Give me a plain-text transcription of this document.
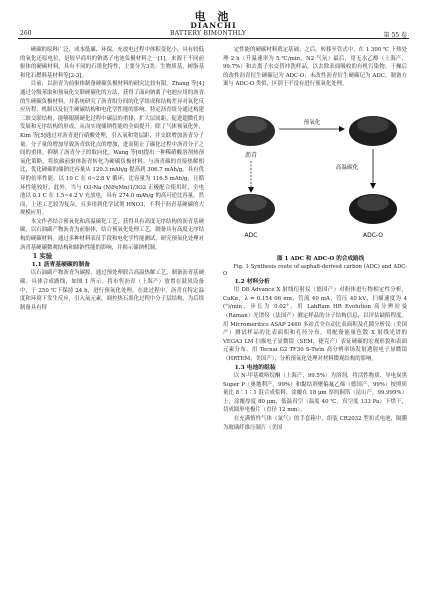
电 池
DIANCHI
260	BATTERY BIMONTHLY	第 55 卷

硬碳的原料广泛、成本低廉、环保，充放电过程中体积变化小，具有较低的氧化还原电位，是较早商用的钠离子电池负极材料之一[1]。来源于不同前驱体的硬碳材料，具有不同的石墨化特性，主要分为3类：生物质基、树脂基和化石燃料基材料等[2-3]。

目前，以沥青为前驱体制备硬碳负极材料的研究比较有限。Zhang 等[4]通过分级苯取和预氧化交联硬碳化的方法，获得了面向钠离子电池应用的沥青的生硬碳负极材料，并系统研究了沥青组分间的化学组成和结构差异对氧化反应历程、机制以及衍生硬碳结构和电化学性能的影响。特定沥青组分通过构建三维交联结构，能够限制硬化过程中碳层的重排，扩大层间距，促进超微孔的发展和无序结构的形成，从而实现储钠性能的全面提升。除了气体预氧化外，Kim 等[5]通过对沥青进行硝酸处理，引入氧和宽层距，并交联增加沥青分子量。分子量的增加导致沥青软化点的增加，进而阻止了碳化过程中沥青分子之间的重排，抑制了沥青分子的取向化。Wang 等[6]提出一种稀硝酸溶剂热预氧化策略，将软碳前驱体沥青转化为硬碳负极材料。与沥青碳的直接热解相比，优化硬碳的储钠比容量从 120.3 mAh/g 提高到 306.7 mAh/g，具有优异的倍率性能，以 10 C 在 0~2.8 V 循环，比容量为 116.5 mAh/g，且循环性能较好。此外，当与 O3-Na (NiFeMn)1/3O2 正极配合使用时，全电池以 0.1 C 在 1.5~4.2 V 充放电，具有 274.0 mAh/g 的高可逆比容量。然而，上述工艺较为复杂，且多用到化学试剂 HNO3，不利于沥青基硬碳的大规模应用。

本文作者结合预氧化和高温碳化工艺，获得具有高度无序结构的沥青基硬碳，以石油副产物沥青为前驱体，结合预氧化处理工艺，制备具有高度无序结构的硬碳材料。通过多种材料表征手段和电化学性能测试，研究预氧化处理对沥青基硬碳微观结构和储钠性能的影响，并揭示储钠机制。

1 实验

1.1 沥青基硬碳的制备

以石油副产物沥青为碳源，通过预处理联合高温热解工艺，制备沥青基硬碳。具体合成路线，如图 1 所示。将市售沥青（上海产）放置在鼓风设备中，于 250 ℃下保持 24 h，进行预氧化处理。在此过程中，沥青在特定温度和环境下发生反应，引入氧元素，调控热石墨化过程中分子层结构，为后续制备具有特

定性能的硬碳材料奠定基础；之后，转移至管式中，在 1 300 ℃ 下热处理 2 h（升温速率为 5 ℃/min，N2 气氛）最后，用无水乙醇（上海产，99.7%）和去离子水交替冲洗样品，以去除表面吸收的有机污染物。干燥后的改性沥青衍生硬碳记为 ADC-O；未改性沥青衍生硬碳记为 ADC，制备方案与 ADC-O 类似，区别于不没有进行预氧化处理。

沥青
预氧化
高温碳化
ADC	ADC-O

图 1 ADC 和 ADC-O 的合成路线

Fig. 1 Synthesis route of asphalt-derived carbon (ADC) and ADC-O

1.2 材料分析

用 D8 Advance X 射线衍射仪（德国产）对粉体进行物相定性分析，CuKα，λ = 0.154 06 nm，管流 40 mA，管压 40 kV，扫描速度为 4 (°)/min，步长为 0.02°。用 LabRam HR Evolution 高分辨拉曼（Raman）光谱仪（法国产）测定样品的分子结构信息，以评估缺陷程度。用 Micromeritics ASAP 2460 多站式全自动比表面积及孔隙分析仪（美国产）测试样品的比表面积和孔径分布。用配备能量色散 X 射线光谱的 VEGA3 LM 扫描电子显微镜（SEM，捷克产）表征硬碳的宏观形貌和表面元素分布。用 Tecnai G2 TF30 S-Twin 高分辨率场发射透射电子显微镜（HRTEM，美国产），分析预氧化处理对材料微观结构的影响。

1.3 电池的组装

以 N-甲基吡咯烷酮（上海产，99.5%）为溶剂，将活性物质、导电炭黑 Super P（奥地利产，99%）和黏结剂聚偏氟乙烯（德国产，99%）按照质量比 8∶1∶1 混合成浆料，涂覆在 18 μm 厚的铜箔（昆山产，99.999%）上，涂覆厚度 80 μm，低温真空（温度 40 ℃，真空度 133 Pa）下烘干，切成圆形电极片（直径 12 mm）。

在充满惰性气体（氩气）的手套箱中，组装 CR2032 型扣式电池，隔膜为玻璃纤维压制片（美国
